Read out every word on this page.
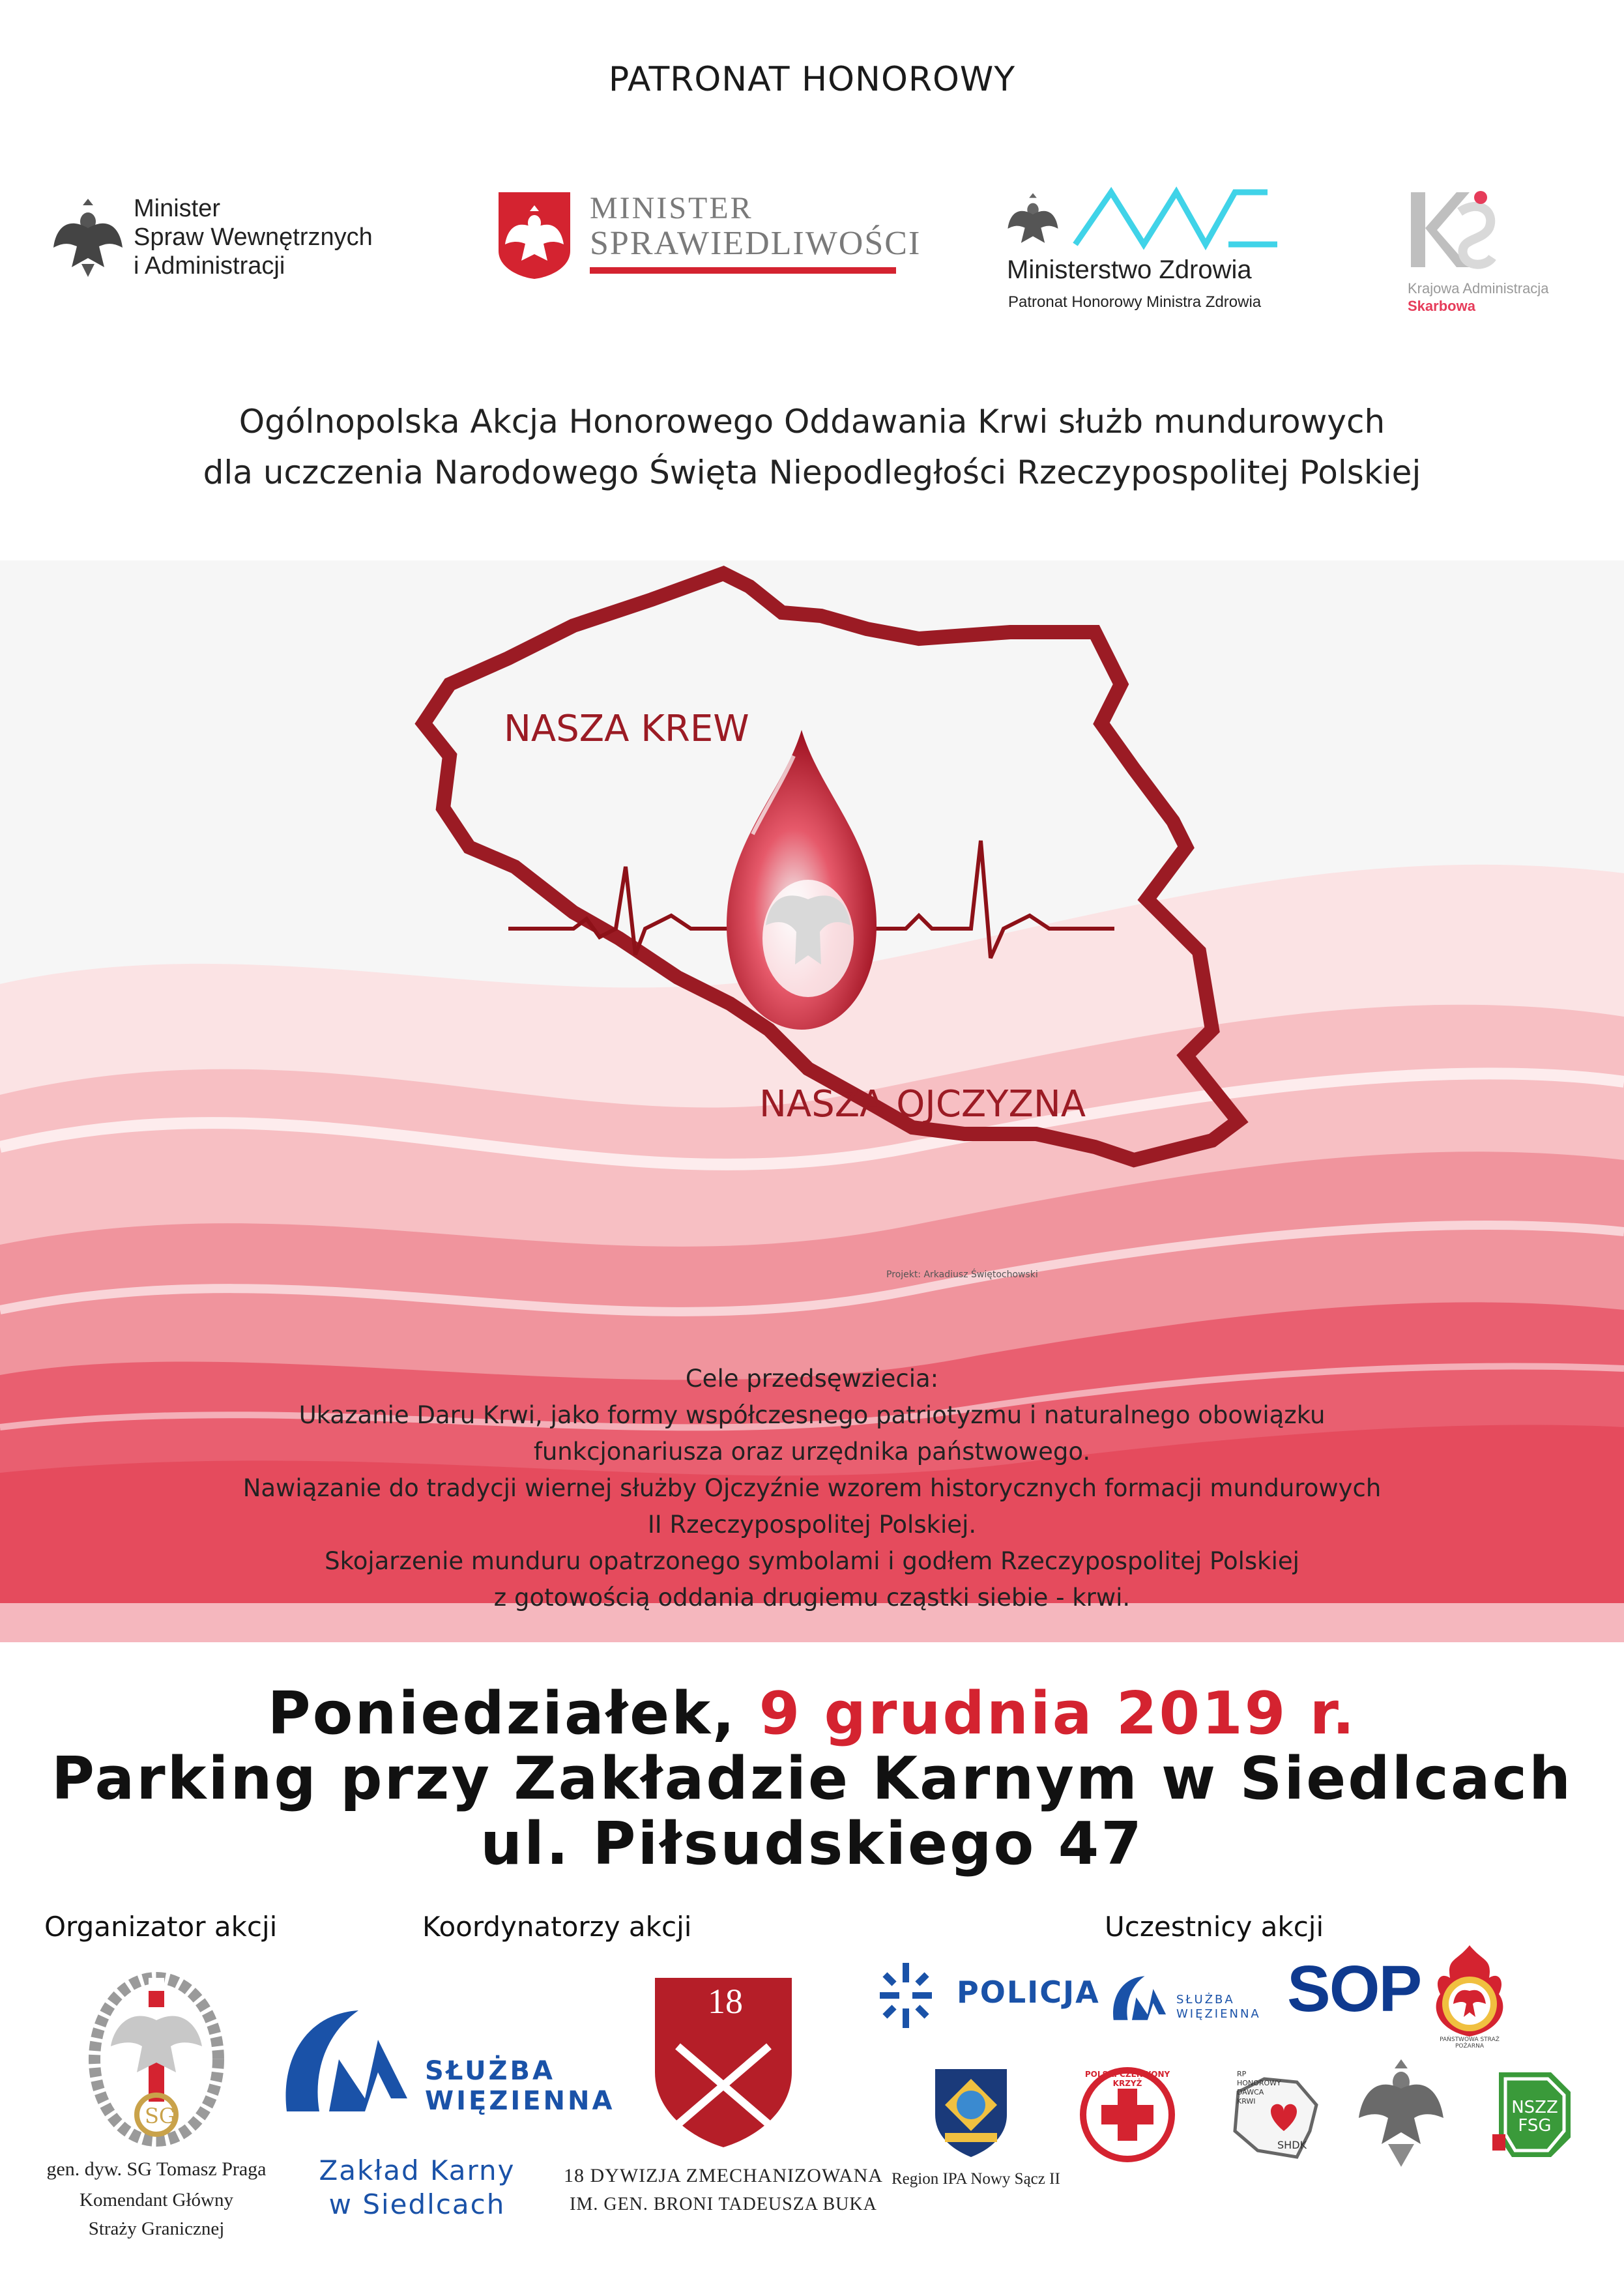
PATRONAT HONOROWY
Minister
Spraw Wewnętrznych
i Administracji
MINISTER
SPRAWIEDLIWOŚCI
Ministerstwo Zdrowia
Patronat Honorowy Ministra Zdrowia
Krajowa Administracja
Skarbowa
Ogólnopolska Akcja Honorowego Oddawania Krwi służb mundurowych
dla uczczenia Narodowego Święta Niepodległości Rzeczypospolitej Polskiej
NASZA KREW
NASZA OJCZYZNA
Projekt: Arkadiusz Świętochowski
Cele przedsęwziecia:
Ukazanie Daru Krwi, jako formy współczesnego patriotyzmu i naturalnego obowiązku
funkcjonariusza oraz urzędnika państwowego.
Nawiązanie do tradycji wiernej służby Ojczyźnie wzorem historycznych formacji mundurowych
II Rzeczypospolitej Polskiej.
Skojarzenie munduru opatrzonego symbolami i godłem Rzeczypospolitej Polskiej
z gotowością oddania drugiemu cząstki siebie - krwi.
Poniedziałek, 9 grudnia 2019 r.
Parking przy Zakładzie Karnym w Siedlcach
ul. Piłsudskiego 47
Organizator akcji	Koordynatorzy akcji	Uczestnicy akcji
SG
gen. dyw. SG Tomasz Praga
Komendant Główny
Straży Granicznej
SŁUŻBA
WIĘZIENNA
Zakład Karny
w Siedlcach
18
18 DYWIZJA ZMECHANIZOWANA
IM. GEN. BRONI TADEUSZA BUKA
POLICJA	SŁUŻBA
WIĘZIENNA SOP
PAŃSTWOWA STRAŻ POŻARNA
Region IPA Nowy Sącz II
POLSKI CZERWONY KRZYŻ
RP
HONOROWY
DAWCA
KRWI
SHDK
NSZZ
FSG
